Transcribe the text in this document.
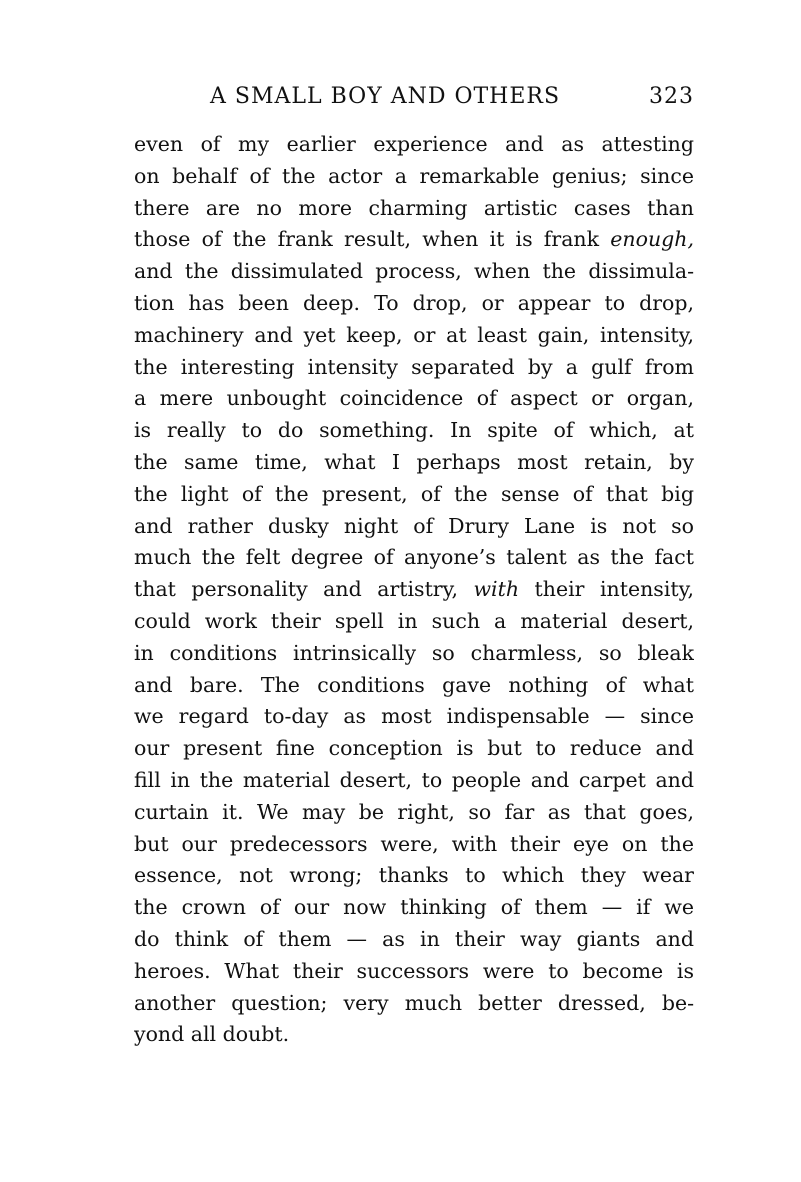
A SMALL BOY AND OTHERS	323
even of my earlier experience and as attesting
on behalf of the actor a remarkable genius; since
there are no more charming artistic cases than
those of the frank result, when it is frank enough,
and the dissimulated process, when the dissimula-
tion has been deep. To drop, or appear to drop,
machinery and yet keep, or at least gain, intensity,
the interesting intensity separated by a gulf from
a mere unbought coincidence of aspect or organ,
is really to do something. In spite of which, at
the same time, what I perhaps most retain, by
the light of the present, of the sense of that big
and rather dusky night of Drury Lane is not so
much the felt degree of anyone’s talent as the fact
that personality and artistry, with their intensity,
could work their spell in such a material desert,
in conditions intrinsically so charmless, so bleak
and bare. The conditions gave nothing of what
we regard to-day as most indispensable — since
our present fine conception is but to reduce and
fill in the material desert, to people and carpet and
curtain it. We may be right, so far as that goes,
but our predecessors were, with their eye on the
essence, not wrong; thanks to which they wear
the crown of our now thinking of them — if we
do think of them — as in their way giants and
heroes. What their successors were to become is
another question; very much better dressed, be-
yond all doubt.
